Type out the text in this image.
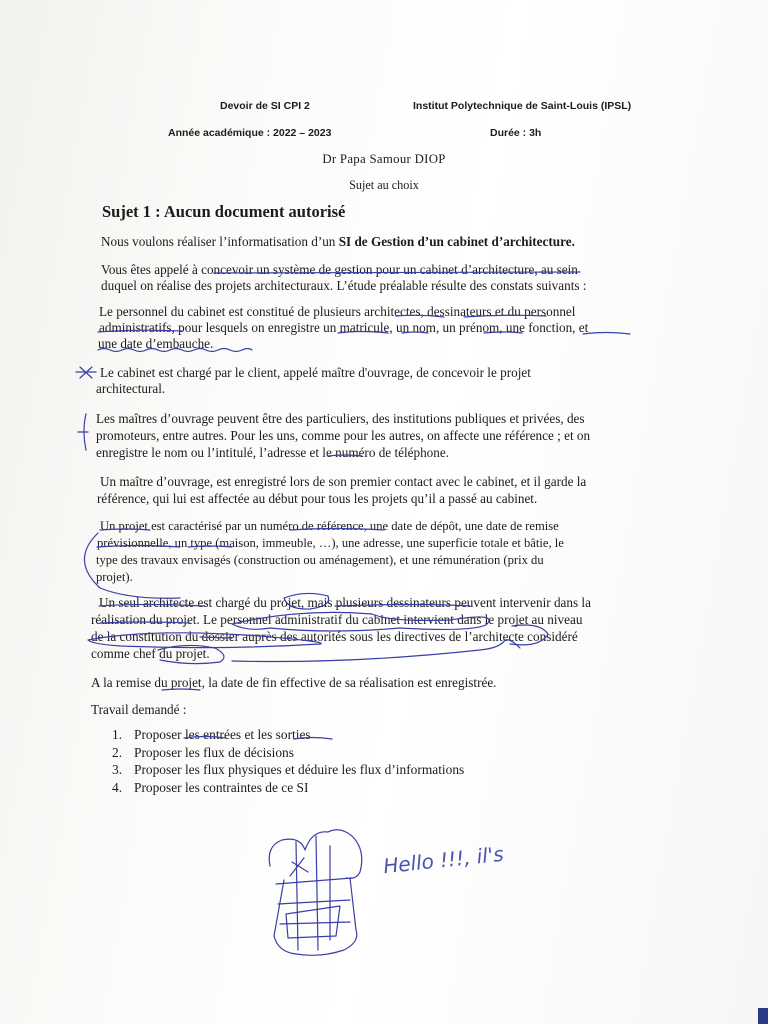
Devoir de SI CPI 2	Institut Polytechnique de Saint-Louis (IPSL)
Année académique : 2022 – 2023	Durée : 3h
Dr Papa Samour DIOP
Sujet au choix
Sujet 1 : Aucun document autorisé
Nous voulons réaliser l’informatisation d’un SI de Gestion d’un cabinet d’architecture.
Vous êtes appelé à concevoir un système de gestion pour un cabinet d’architecture, au sein
duquel on réalise des projets architecturaux. L’étude préalable résulte des constats suivants :
Le personnel du cabinet est constitué de plusieurs architectes, dessinateurs et du personnel
administratifs, pour lesquels on enregistre un matricule, un nom, un prénom, une fonction, et
une date d’embauche.
Le cabinet est chargé par le client, appelé maître d'ouvrage, de concevoir le projet
architectural.
Les maîtres d’ouvrage peuvent être des particuliers, des institutions publiques et privées, des
promoteurs, entre autres. Pour les uns, comme pour les autres, on affecte une référence ; et on
enregistre le nom ou l’intitulé, l’adresse et le numéro de téléphone.
Un maître d’ouvrage, est enregistré lors de son premier contact avec le cabinet, et il garde la
référence, qui lui est affectée au début pour tous les projets qu’il a passé au cabinet.
Un projet est caractérisé par un numéro de référence, une date de dépôt, une date de remise
prévisionnelle, un type (maison, immeuble, …), une adresse, une superficie totale et bâtie, le
type des travaux envisagés (construction ou aménagement), et une rémunération (prix du
projet).
Un seul architecte est chargé du projet, mais plusieurs dessinateurs peuvent intervenir dans la
réalisation du projet. Le personnel administratif du cabinet intervient dans le projet au niveau
de la constitution du dossier auprès des autorités sous les directives de l’architecte considéré
comme chef du projet.
A la remise du projet, la date de fin effective de sa réalisation est enregistrée.
Travail demandé :
1. Proposer les entrées et les sorties
2. Proposer les flux de décisions
3. Proposer les flux physiques et déduire les flux d’informations
4. Proposer les contraintes de ce SI
Hello !!!, il's
